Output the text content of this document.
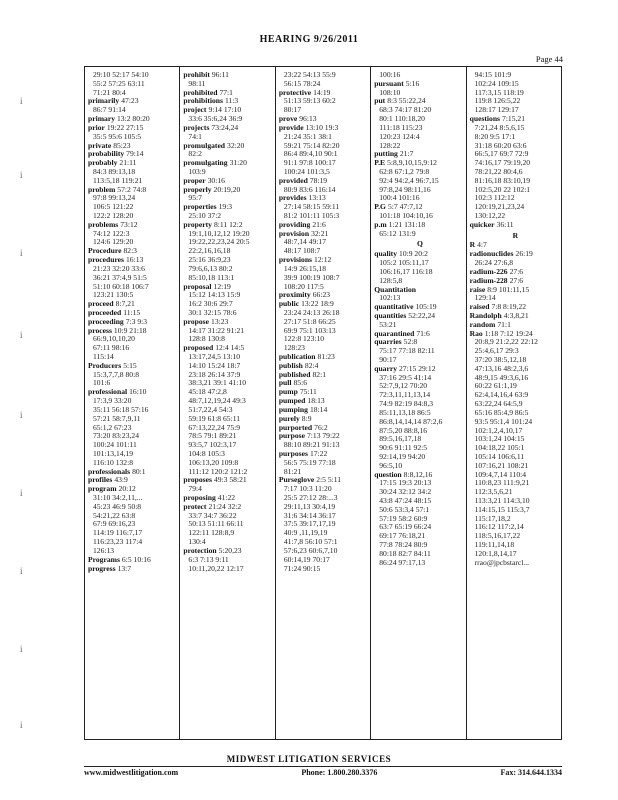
HEARING 9/26/2011
Page 44
i
i
i
i
i
i
i
i
i
29:10 52:17 54:10
55:2 57:25 63:11
71:21 80:4
primarily 47:23
86:7 91:14
primary 13:2 80:20
prior 19:22 27:15
35:5 95:6 105:5
private 85:23
probability 79:14
probably 21:11
84:3 89:13,18
113:5,18 119:21
problem 57:2 74:8
97:8 99:13,24
106:5 121:22
122:2 128:20
problems 73:12
74:12 122:3
124:6 129:20
Procedure 82:3
procedures 16:13
21:23 32:20 33:6
36:21 37:4,9 51:5
51:10 60:18 106:7
123:21 130:5
proceed 8:7,21
proceeded 11:15
proceeding 7:3 9:3
process 10:9 21:18
66:9,10,10,20
67:11 98:16
115:14
Producers 5:15
15:3,7,7,8 80:8
101:6
professional 16:10
17:3,9 33:20
35:11 56:18 57:16
57:21 58:7,9,11
65:1,2 67:23
73:20 83:23,24
100:24 101:11
101:13,14,19
116:10 132:8
professionals 80:1
profiles 43:9
program 20:12
31:10 34:2,11,...
45:23 46:9 50:8
54:21,22 63:8
67:9 69:16,23
114:19 116:7,17
116:23,23 117:4
126:13
Programs 6:5 10:16
progress 13:7
prohibit 96:11
98:11
prohibited 77:1
prohibitions 11:3
project 9:14 17:10
33:6 35:6,24 36:9
projects 73:24,24
74:1
promulgated 32:20
82:2
promulgating 31:20
103:9
proper 30:16
properly 20:19,20
95:7
properties 19:3
25:10 37:2
property 8:11 12:2
19:1,10,12,12 19:20
19:22,22,23,24 20:5
22:2,16,16,18
25:16 36:9,23
79:6,6,13 80:2
85:10,18 113:1
proposal 12:19
15:12 14:13 15:9
16:2 30:6 29:7
30:1 32:15 78:6
propose 13:23
14:17 31:22 91:21
128:8 130:8
proposed 12:4 14:5
13:17,24,5 13:10
14:10 15:24 18:7
23:18 26:14 37:9
38:3,21 39:1 41:10
45:18 47:2,8
48:7,12,19,24 49:3
51:7,22,4 54:3
59:19 61:8 65:11
67:13,22,24 75:9
78:5 79:1 89:21
93:5,7 102:3,17
104:8 105:3
106:13,20 109:8
111:12 120:2 121:2
proposes 49:3 58:21
79:4
proposing 41:22
protect 21:24 32:2
33:7 34:7 36:22
50:13 51:11 66:11
122:11 128:8,9
130:4
protection 5:20,23
6:3 7:13 9:11
10:11,20,22 12:17
23:22 54:13 55:9
56:15 78:24
protective 14:19
51:13 59:13 60:2
80:17
prove 96:13
provide 13:10 19:3
21:24 35:1 38:1
59:21 75:14 82:20
86:4 89:4,10 90:1
91:1 97:8 100:17
100:24 101:3,5
provided 78:19
80:9 83:6 116:14
provides 13:13
27:14 58:15 59:11
81:2 101:11 105:3
providing 21:6
provision 32:21
48:7,14 49:17
48:17 108:7
provisions 12:12
14:9 26:15,18
39:9 100:19 108:7
108:20 117:5
proximity 66:23
public 13:22 18:9
23:24 24:13 26:18
27:17 51:8 66:25
69:9 75:1 103:13
122:8 123:10
128:23
publication 81:23
publish 82:4
published 82:1
pull 85:6
pump 75:11
pumped 18:13
pumping 18:14
purely 8:9
purported 76:2
purpose 7:13 79:22
88:10 89:21 91:13
purposes 17:22
56:5 75:19 77:18
81:21
Purseglove 2:5 5:11
7:17 10:3 11:20
25:5 27:12 28:...3
29:11,13 30:4,19
31:6 34:14 36:17
37:5 39:17,17,19
40:9 ,11,19,19
41:7,8 56:10 57:1
57:6,23 60:6,7,10
60:14,19 70:17
71:24 90:15
100:16
pursuant 5:16
108:10
put 8:3 55:22,24
68:3 74:17 81:20
80:1 110:18,20
111:18 115:23
120:23 124:4
128:22
putting 21:7
P.E 5:8,9,10,15,9:12
62:8 67:1,2 79:8
92:4 94:2,4 96:7,15
97:8,24 98:11,16
100:4 101:16
P.G 5:7 47:7,12
101:18 104:10,16
p.m 1:21 131:18
65:12 131:9
Q
quality 10:9 20:2
105:2 105:11,17
106:16,17 116:18
128:5,8
Quantitation
102:13
quantitative 105:19
quantities 52:22,24
53:21
quarantined 71:6
quarries 52:8
75:17 77:18 82:11
90:17
quarry 27:15 29:12
37:16 29:5 41:14
52:7,9,12 70:20
72:3,11,11,13,14
74:9 82:19 84:8,3
85:11,13,18 86:5
86:8,14,14,14 87:2,6
87:5,20 88:8,16
89:5,16,17,18
90:6 91:11 92:5
92:14,19 94:20
96:5,10
question 8:8,12,16
17:15 19:3 20:13
30:24 32:12 34:2
43:8 47:24 48:15
50:6 53:3,4 57:1
57:19 58:2 60:9
63:7 65:19 66:24
69:17 76:18,21
77:8 78:24 80:9
80:18 82:7 84:11
86:24 97:17,13
94:15 101:9
102:24 109:15
117:3,15 118:19
119:8 126:5,22
128:17 129:17
questions 7:15,21
7:21,24 8:5,6,15
8:20 9:5 17:1
31:18 60:20 63:6
66:5,17 69:7 72:9
74:16,17 79:19,20
78:21,22 80:4,6
81:16,18 83:10,19
102:5,20 22 102:1
102:3 112:12
120:19,21,23,24
130:12,22
quicker 36:11
R
R 4:7
radionuclides 26:19
26:24 27:6,8
radium-226 27:6
radium-228 27:6
raise 8:9 101:11,15
129:14
raised 7:8 8:19,22
Randolph 4:3,8,21
random 71:1
Rao 1:18 7:12 19:24
20:8,9 21:2,22 22:12
25:4,6,17 29:3
37:20 38:5,12,18
47:13,16 48:2,3,6
48:9,15 49:3,6,16
60:22 61:1,19
62:4,14,16,4 63:9
63:22,24 64:5,9
65:16 85:4,9 86:5
93:5 95:1,4 101:24
102:1,2,4,10,17
103:1,24 104:15
104:18,22 105:1
105:14 106:6,11
107:16,21 108:21
109:4,7,14 110:4
110:8,23 111:9,21
112:3,5,6,21
113:3,21 114:3,10
114:15,15 115:3,7
115:17,18,2
116:12 117:2,14
118:5,16,17,22
119:11,14,18
120:1,8,14,17
rrao@jpcbstarcl...
MIDWEST LITIGATION SERVICES
www.midwestlitigation.com	Phone: 1.800.280.3376	Fax: 314.644.1334
